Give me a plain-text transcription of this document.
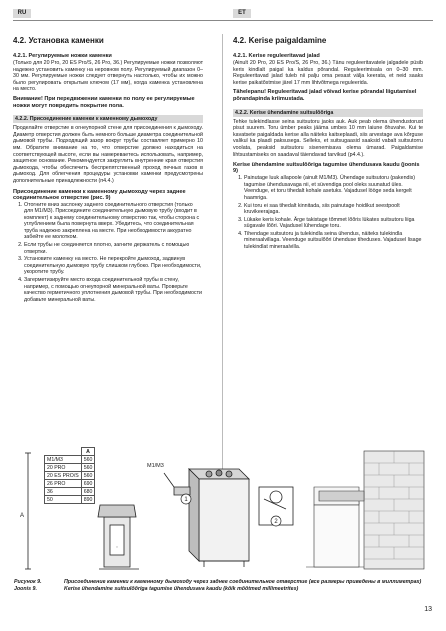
RU	ET
4.2. Установка каменки
4.2.1. Регулируемые ножки каменки
(Только для 20 Pro, 20 ES Pro/S, 26 Pro, 36.) Регулируемые ножки позволяют надежно установить каменку на неровном полу. Регулируемый диапазон 0–30 мм. Регулируемые ножки следует отвернуть настолько, чтобы их можно было регулировать открытым ключом (17 мм), когда каменка установлена на место.
Внимание! При передвижении каменки по полу ее регулируемые ножки могут повредить покрытие пола.
4.2.2. Присоединение каменки к каменному дымоходу
Проделайте отверстие в огнеупорной стене для присоединения к дымоходу. Диаметр отверстия должен быть немного больше диаметра соединительной дымовой трубы. Подходящий зазор вокруг трубы составляет примерно 10 мм. Обратите внимание на то, что отверстие должно находиться на соответствующей высоте, если вы намереваетесь использовать, например, защитное основание. Рекомендуется закруглить внутренние края отверстия дымохода, чтобы обеспечить беспрепятственный проход печных газов в дымоход. Для облегчения процедуры установки каменки предусмотрены дополнительные принадлежности (п4.4.)
Присоединение каменки к каменному дымоходу через заднее соединительное отверстие (рис. 9)
1. Отогните вниз заслонку заднего соединительного отверстия (только для M1/M3). Присоедините соединительную дымовую трубу (входит в комплект) к заднему соединительному отверстию так, чтобы сторона с углублением была повернута вверх. Убедитесь, что соединительная труба надежно закреплена на месте. При необходимости аккуратно забейте ее молотком.
2. Если трубы не соединяется плотно, загните держатель с помощью отвертки.
3. Установите каменку на место. Не перекройте дымоход, задвинув соединительную дымовую трубу слишком глубоко. При необходимости, укоротите трубу.
4. Загерметизируйте место входа соединительной трубы в стену, например, с помощью огнеупорной минеральной ваты. Проверьте качество герметичного уплотнения дымовой трубы. При необходимости добавьте минеральной ваты.
4.2. Kerise paigaldamine
4.2.1. Kerise reguleeritavad jalad
(Ainult 20 Pro, 20 ES Pro/S, 26 Pro, 36.) Tänu reguleeritavatele jalgadele püsib keris kindlalt paigal ka kaldus põrandal. Reguleerimisala on 0–30 mm. Reguleeritavad jalad tuleb nii palju oma pesast välja keerata, et neid saaks kerise paikatõstmise järel 17 mm lihtvõtmega reguleerida.
Tähelepanu! Reguleeritavad jalad võivad kerise põrandal liigutamisel põrandapinda kriimustada.
4.2.2. Kerise ühendamine suitsulõõriga
Tehke tulekindlasse seina suitsutoru jaoks auk. Auk peab olema ühendustorust pisut suurem. Toru ümber peaks jääma umbes 10 mm laiune õhuvahe. Kui te kavatsete paigaldada kerise alla näiteks kaitseplaadi, siis arvestage ava kõrguse valikul ka plaadi paksusega. Selleks, et suitsugaasid saaksid vabalt suitsutorru voolata, peaksid suitsutoru sisenemisava olema ümarad. Paigaldamise lihtsustamiseks on saadaval täiendavad tarvikud (p4.4.).
Kerise ühendamine suitsulõõriga tagumise ühendusava kaudu (joonis 9)
1. Painutage luuk allapoole (ainult M1/M3). Ühendage suitsutoru (pakendis) tagumise ühendusavaga nii, et süvendiga pool oleks suunatud üles. Veenduge, et toru tihedalt kohale asetuks. Vajadusel lööge seda kergelt haamriga.
2. Kui toru ei saa tihedalt kinnitada, siis painutage hoidikut seestpoolt kruvikeerajaga.
3. Lükake keris kohale. Ärge takistage tõmmet lõõris lükates suitsutoru liiga sügavale lõõri. Vajadusel lühendage toru.
4. Tihendage suitsutoru ja tulekindla seina ühendus, näiteks tulekindla mineraalvillaga. Veenduge suitsulõõri ühenduse tiheduses. Vajadusel lisage tulekindlat mineraalvilla.
	A
M1/M3	560
20 PRO	560
20 ES PRO/S	560
26 PRO	690
36	680
50	890
A
M1/M3
1
2
Рисунок 9.	Присоединение каменки к каменному дымоходу через заднее соединительное отверстие (все размеры приведены в миллиметрах)
Joonis 9.	Kerise ühendamine suitsulõõriga tagumise ühendusava kaudu (kõik mõõtmed millimeetrites)
13
